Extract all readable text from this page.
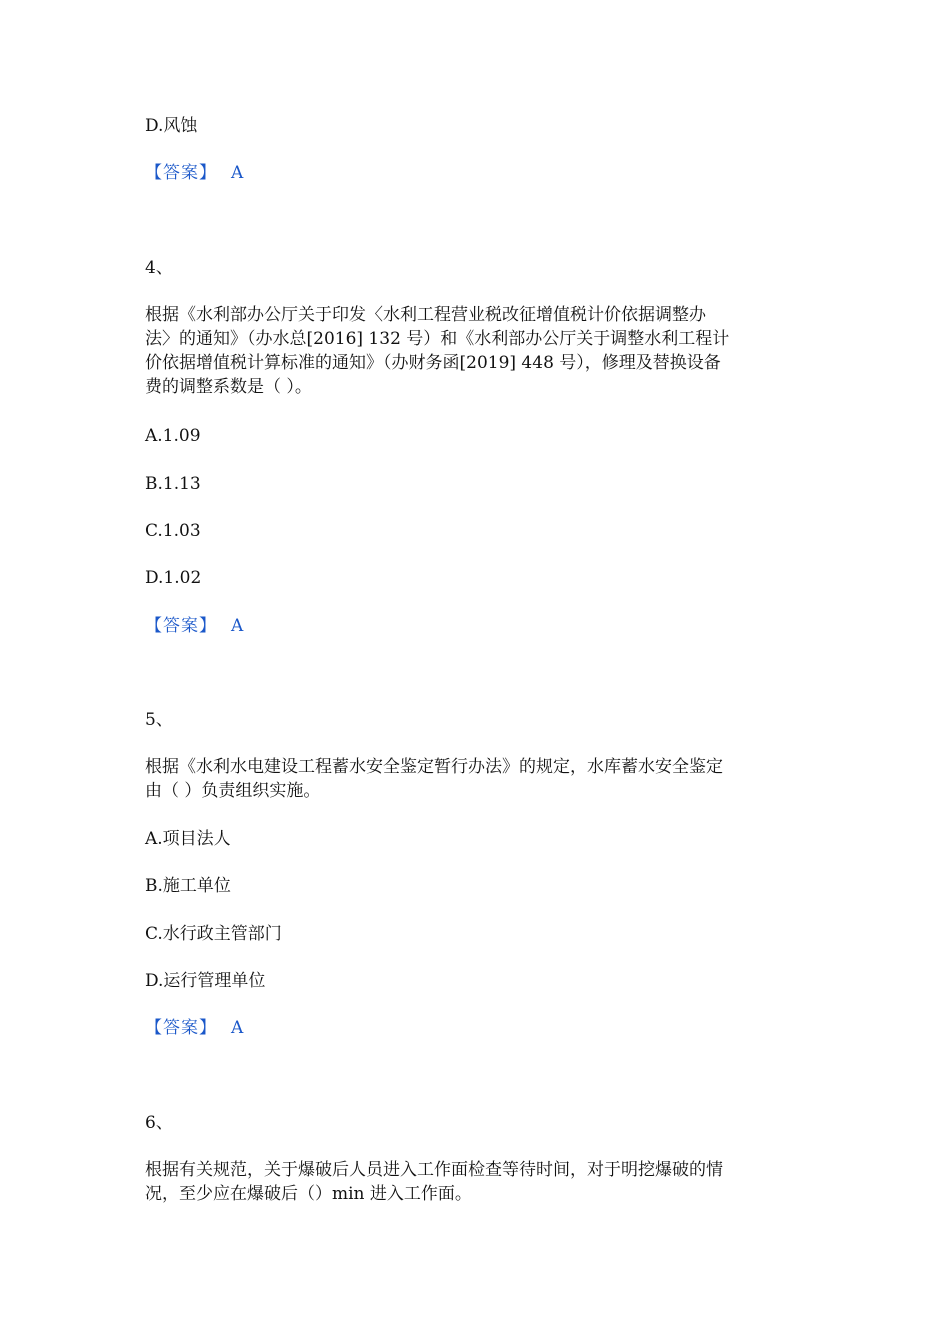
D.风蚀
【答案】 A
4、
根据《水利部办公厅关于印发〈水利工程营业税改征增值税计价依据调整办
法〉的通知》（办水总[2016] 132 号）和《水利部办公厅关于调整水利工程计
价依据增值税计算标准的通知》（办财务函[2019] 448 号），修理及替换设备
费的调整系数是（ ）。
A.1.09
B.1.13
C.1.03
D.1.02
【答案】 A
5、
根据《水利水电建设工程蓄水安全鉴定暂行办法》的规定，水库蓄水安全鉴定
由（ ）负责组织实施。
A.项目法人
B.施工单位
C.水行政主管部门
D.运行管理单位
【答案】 A
6、
根据有关规范，关于爆破后人员进入工作面检查等待时间，对于明挖爆破的情
况，至少应在爆破后（）min 进入工作面。
